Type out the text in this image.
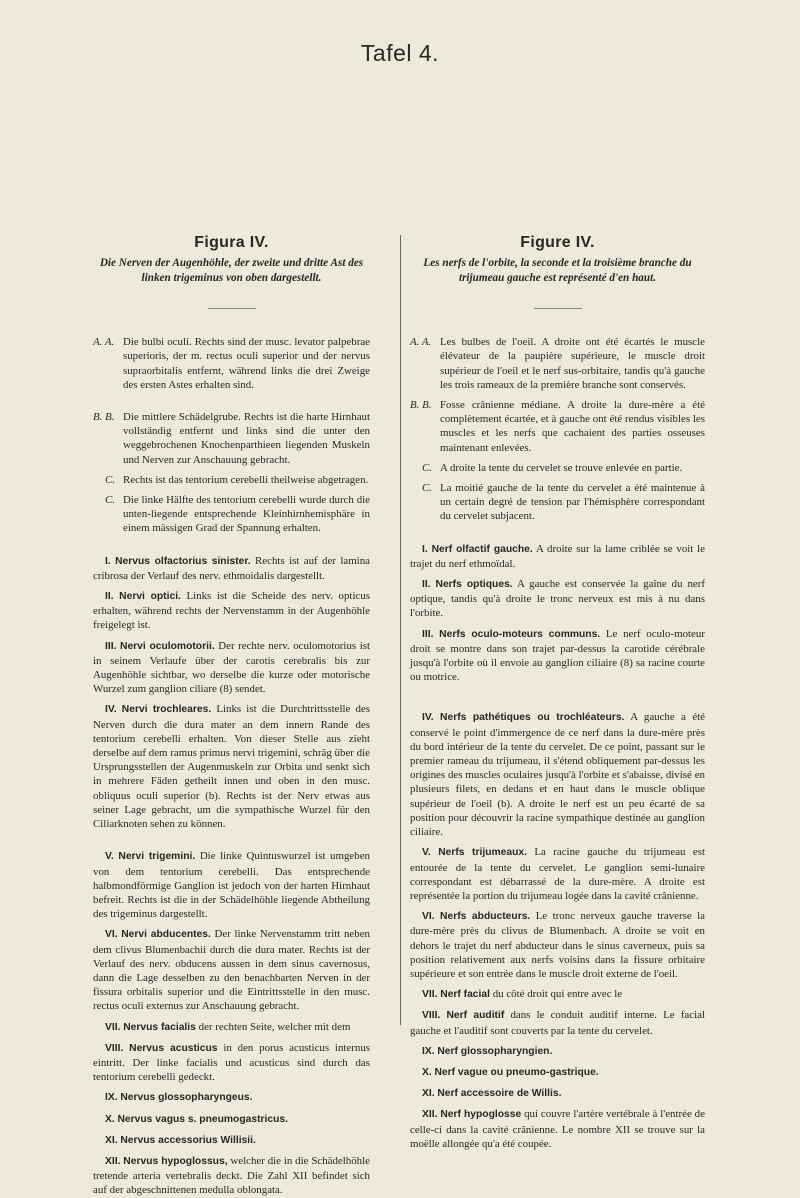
Tafel 4.
Figura IV.

Die Nerven der Augenhöhle, der zweite und dritte Ast des linken trigeminus von oben dargestellt.

A. A. Die bulbi oculi. Rechts sind der musc. levator palpebrae superioris, der m. rectus oculi superior und der nervus supraorbitalis entfernt, während links die drei Zweige des ersten Astes erhalten sind.
B. B. Die mittlere Schädelgrube. Rechts ist die harte Hirnhaut vollständig entfernt und links sind die unter den weggebrochenen Knochenparthieen liegenden Muskeln und Nerven zur Anschauung gebracht.
C. Rechts ist das tentorium cerebelli theilweise abgetragen.
C. Die linke Hälfte des tentorium cerebelli wurde durch die unten-liegende entsprechende Kleinhirnhemisphäre in einem mässigen Grad der Spannung erhalten.

I. Nervus olfactorius sinister. Rechts ist auf der lamina cribrosa der Verlauf des nerv. ethmoidalis dargestellt.

II. Nervi optici. Links ist die Scheide des nerv. opticus erhalten, während rechts der Nervenstamm in der Augenhöhle freigelegt ist.

III. Nervi oculomotorii. Der rechte nerv. oculomotorius ist in seinem Verlaufe über der carotis cerebralis bis zur Augenhöhle sichtbar, wo derselbe die kurze oder motorische Wurzel zum ganglion ciliare (8) sendet.

IV. Nervi trochleares. Links ist die Durchtrittsstelle des Nerven durch die dura mater an dem innern Rande des tentorium cerebelli erhalten. Von dieser Stelle aus zieht derselbe auf dem ramus primus nervi trigemini, schräg über die Ursprungsstellen der Augenmuskeln zur Orbita und senkt sich in mehrere Fäden getheilt innen und oben in den musc. obliquus oculi superior (b). Rechts ist der Nerv etwas aus seiner Lage gebracht, um die sympathische Wurzel für den Ciliarknoten sehen zu können.

V. Nervi trigemini. Die linke Quintuswurzel ist umgeben von dem tentorium cerebelli. Das entsprechende halbmondförmige Ganglion ist jedoch von der harten Hirnhaut befreit. Rechts ist die in der Schädelhöhle liegende Abtheilung des trigeminus dargestellt.

VI. Nervi abducentes. Der linke Nervenstamm tritt neben dem clivus Blumenbachii durch die dura mater. Rechts ist der Verlauf des nerv. obducens aussen in dem sinus cavernosus, dann die Lage desselben zu den benachbarten Nerven in der fissura orbitalis superior und die Eintrittsstelle in den musc. rectus oculi externus zur Anschauung gebracht.

VII. Nervus facialis der rechten Seite, welcher mit dem

VIII. Nervus acusticus in den porus acusticus internus eintritt. Der linke facialis und acusticus sind durch das tentorium cerebelli gedeckt.

IX. Nervus glossopharyngeus.

X. Nervus vagus s. pneumogastricus.

XI. Nervus accessorius Willisii.

XII. Nervus hypoglossus, welcher die in die Schädelhöhle tretende arteria vertebralis deckt. Die Zahl XII befindet sich auf der abgeschnittenen medulla oblongata.

Figure IV.

Les nerfs de l'orbite, la seconde et la troisième branche du trijumeau gauche est représenté d'en haut.

A. A. Les bulbes de l'oeil. A droite ont été écartés le muscle élévateur de la paupière supérieure, le muscle droit supérieur de l'oeil et le nerf sus-orbitaire, tandis qu'à gauche les trois rameaux de la première branche sont conservés.
B. B. Fosse crânienne médiane. A droite la dure-mère a été complètement écartée, et à gauche ont été rendus visibles les muscles et les nerfs que cachaient des parties osseuses maintenant enlevées.
C. A droite la tente du cervelet se trouve enlevée en partie.
C. La moitié gauche de la tente du cervelet a été maintenue à un certain degré de tension par l'hémisphère correspondant du cervelet subjacent.

I. Nerf olfactif gauche. A droite sur la lame criblée se voit le trajet du nerf ethmoïdal.

II. Nerfs optiques. A gauche est conservée la gaîne du nerf optique, tandis qu'à droite le tronc nerveux est mis à nu dans l'orbite.

III. Nerfs oculo-moteurs communs. Le nerf oculo-moteur droit se montre dans son trajet par-dessus la carotide cérébrale jusqu'à l'orbite où il envoie au ganglion ciliaire (8) sa racine courte ou motrice.

IV. Nerfs pathétiques ou trochléateurs. A gauche a été conservé le point d'immergence de ce nerf dans la dure-mère près du bord intérieur de la tente du cervelet. De ce point, passant sur le premier rameau du trijumeau, il s'étend obliquement par-dessus les origines des muscles oculaires jusqu'à l'orbite et s'abaisse, divisé en plusieurs filets, en dedans et en haut dans le muscle oblique supérieur de l'oeil (b). A droite le nerf est un peu écarté de sa position pour découvrir la racine sympathique destinée au ganglion ciliaire.

V. Nerfs trijumeaux. La racine gauche du trijumeau est entourée de la tente du cervelet. Le ganglion semi-lunaire correspondant est débarrassé de la dure-mère. A droite est représentée la portion du trijumeau logée dans la cavité crânienne.

VI. Nerfs abducteurs. Le tronc nerveux gauche traverse la dure-mère près du clivus de Blumenbach. A droite se voit en dehors le trajet du nerf abducteur dans le sinus caverneux, puis sa position relativement aux nerfs voisins dans la fissure orbitaire supérieure et son entrée dans le muscle droit externe de l'oeil.

VII. Nerf facial du côté droit qui entre avec le

VIII. Nerf auditif dans le conduit auditif interne. Le facial gauche et l'auditif sont couverts par la tente du cervelet.

IX. Nerf glossopharyngien.

X. Nerf vague ou pneumo-gastrique.

XI. Nerf accessoire de Willis.

XII. Nerf hypoglosse qui couvre l'artère vertébrale à l'entrée de celle-ci dans la cavité crânienne. Le nombre XII se trouve sur la moëlle allongée qu'a été coupée.
